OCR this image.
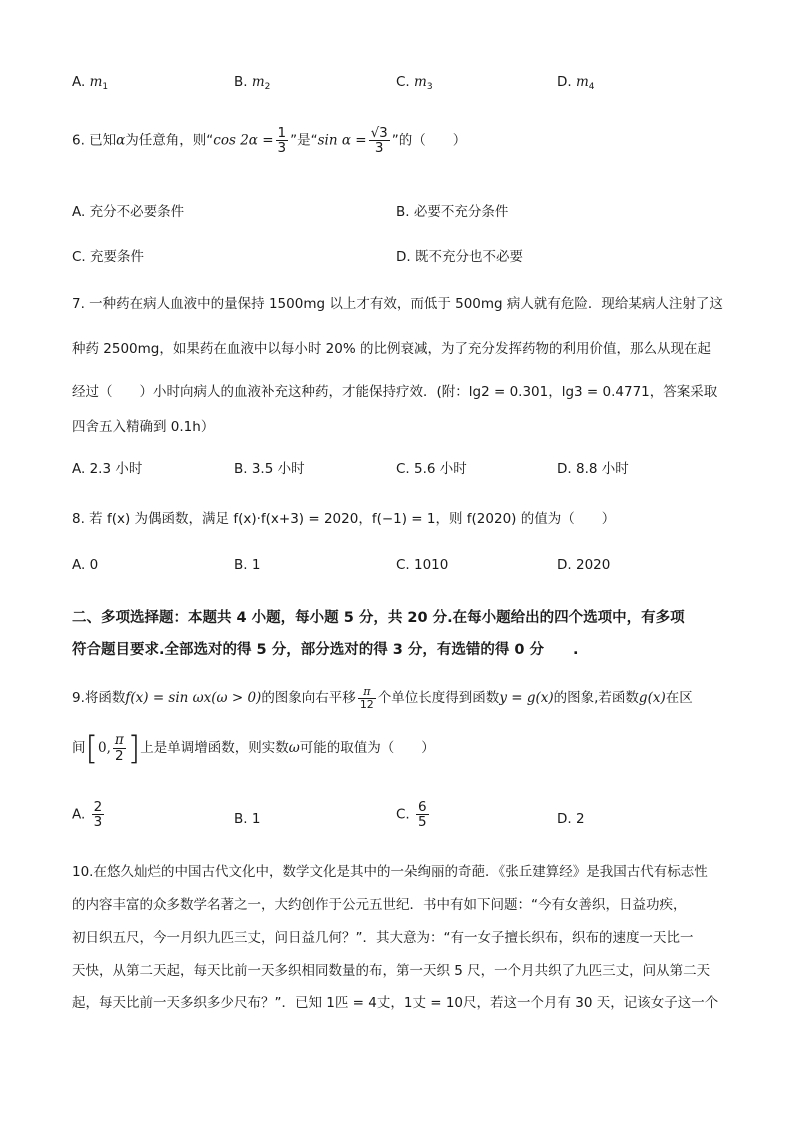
A. $m_1$	B. $m_2$	C. $m_3$	D. $m_4$
6. 已知α为任意角，则“cos $2\alpha = \frac{1}{3}$ ”是“sin $\alpha = \frac{√3}{3}$ ”的（　　）
A. 充分不必要条件	B. 必要不充分条件
C. 充要条件	D. 既不充分也不必要
7. 一种药在病人血液中的量保持 1500mg 以上才有效，而低于 500mg 病人就有危险．现给某病人注射了这
种药 2500mg，如果药在血液中以每小时 20% 的比例衰减，为了充分发挥药物的利用价值，那么从现在起
经过（　　）小时向病人的血液补充这种药，才能保持疗效．(附：lg2 = 0.301，lg3 = 0.4771，答案采取
四舍五入精确到 0.1h）
A. 2.3 小时	B. 3.5 小时	C. 5.6 小时	D. 8.8 小时
8. 若 f(x) 为偶函数，满足 f(x)·f(x+3) = 2020，f(−1) = 1，则 f(2020) 的值为（　　）
A. 0	B. 1	C. 1010	D. 2020
二、多项选择题：本题共 4 小题，每小题 5 分，共 20 分.在每小题给出的四个选项中，有多项
符合题目要求.全部选对的得 5 分，部分选对的得 3 分，有选错的得 0 分　　.
9.将函数f(x) = sin ωx(ω > 0)的图象向右平移 $\frac{\pi}{12}$ 个单位长度得到函数y = g(x)的图象,若函数g(x)在区
间[0, $\frac{\pi}{2}$ ]上是单调增函数，则实数ω可能的取值为（　　）
A. $\frac{2}{3}$	B. 1	C. $\frac{6}{5}$	D. 2
10.在悠久灿烂的中国古代文化中，数学文化是其中的一朵绚丽的奇葩．《张丘建算经》是我国古代有标志性
的内容丰富的众多数学名著之一，大约创作于公元五世纪．书中有如下问题：“今有女善织，日益功疾，
初日织五尺，今一月织九匹三丈，问日益几何？”．其大意为：“有一女子擅长织布，织布的速度一天比一
天快，从第二天起，每天比前一天多织相同数量的布，第一天织 5 尺，一个月共织了九匹三丈，问从第二天
起，每天比前一天多织多少尺布？”．已知 1匹 = 4丈，1丈 = 10尺，若这一个月有 30 天，记该女子这一个
